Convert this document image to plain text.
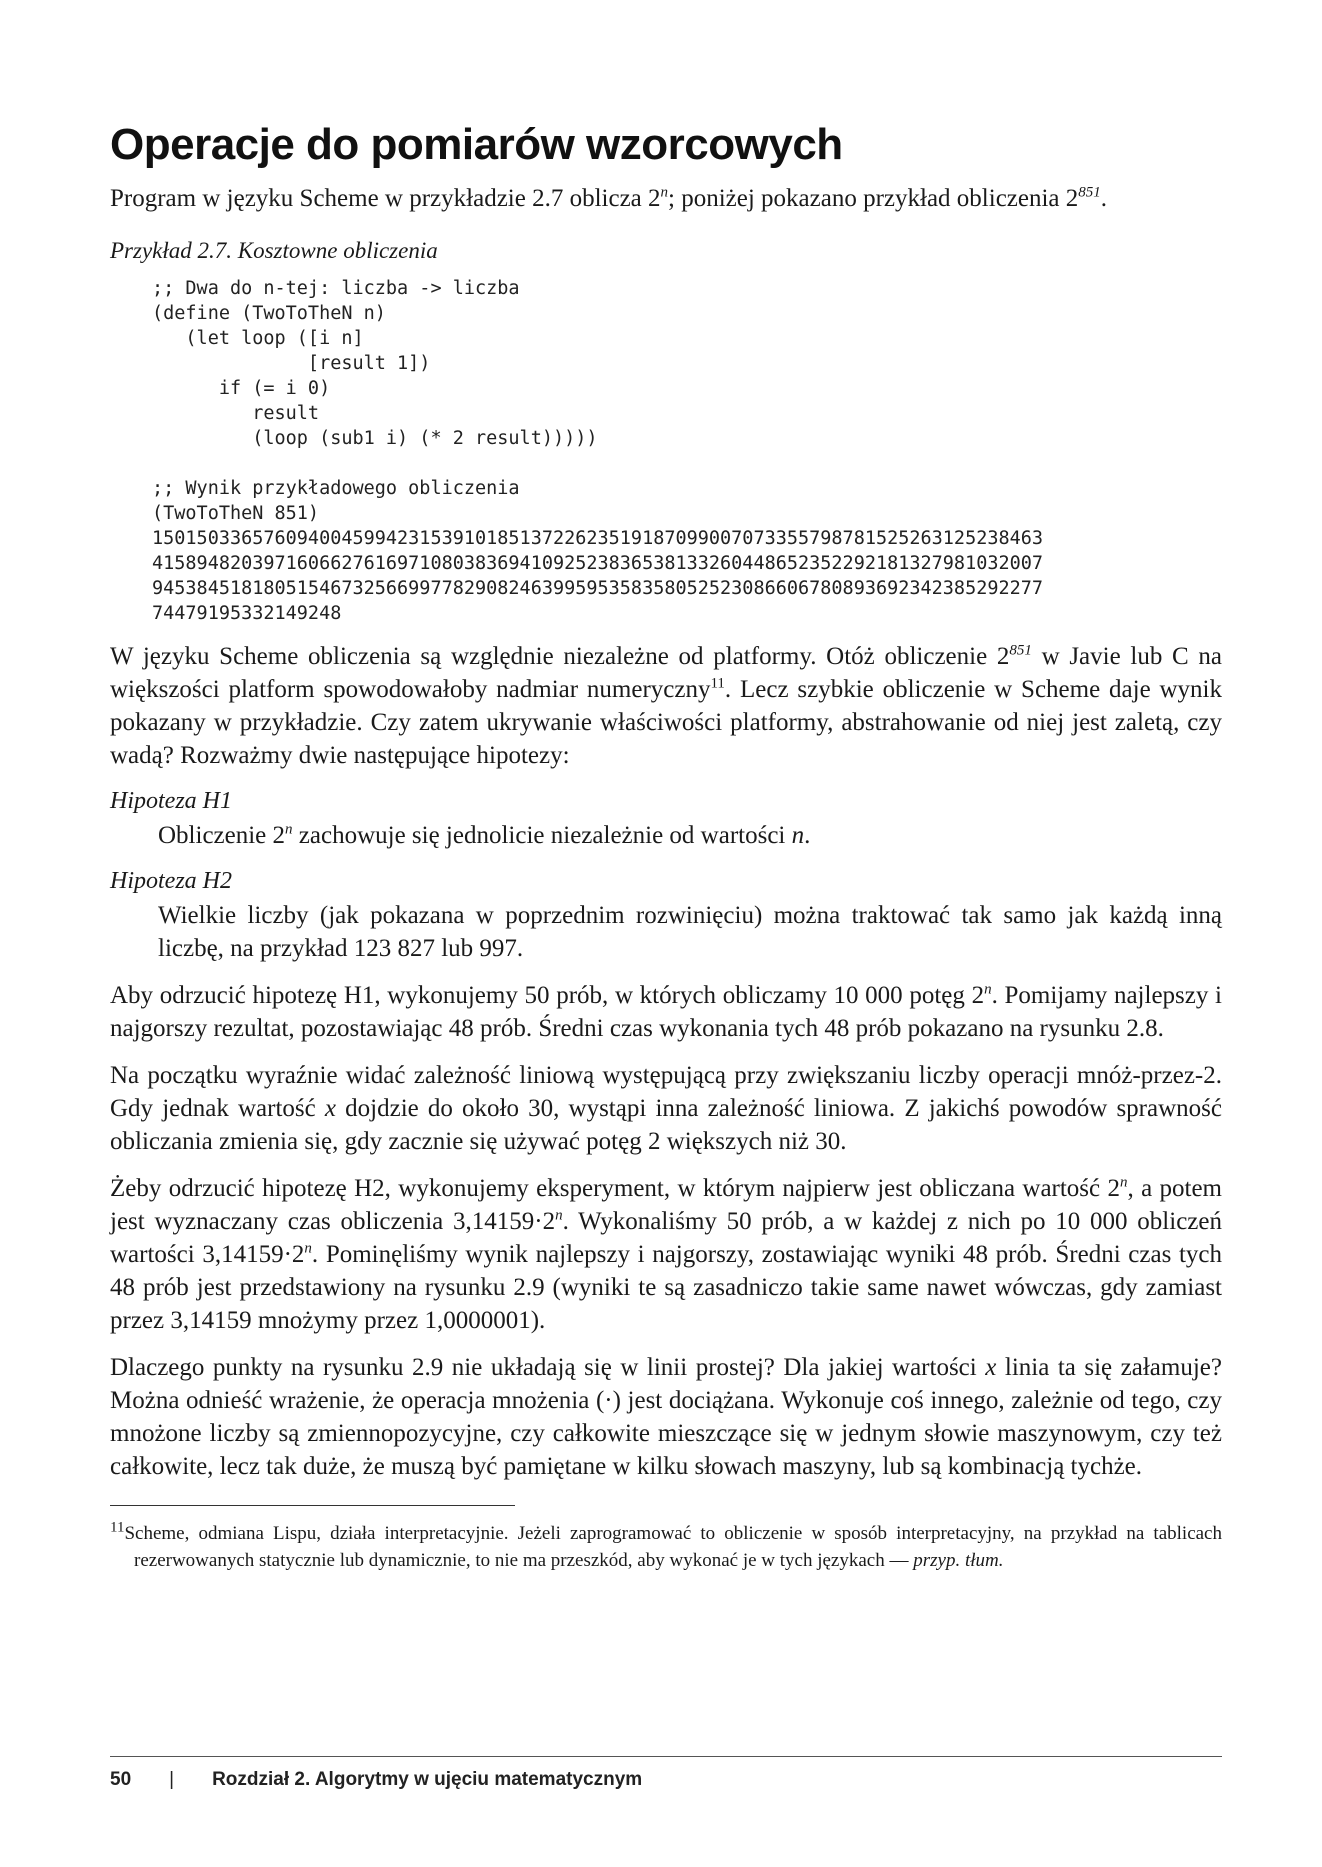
Operacje do pomiarów wzorcowych

Program w języku Scheme w przykładzie 2.7 oblicza 2$^n$; poniżej pokazano przykład obliczenia $2^{851}$.

Przykład 2.7. Kosztowne obliczenia

;; Dwa do n-tej: liczba -> liczba
(define (TwoToTheN n)
(let loop ([i n]
[result 1])
if (= i 0)
result
(loop (sub1 i) (* 2 result)))))
;; Wynik przykładowego obliczenia
(TwoToTheN 851)
15015033657609400459942315391018513722623519187099007073355798781525263125238463
41589482039716066276169710803836941092523836538133260448652352292181327981032007
94538451818051546732566997782908246399595358358052523086606780893692342385292277
74479195332149248

W języku Scheme obliczenia są względnie niezależne od platformy. Otóż obliczenie $2^{851}$ w Javie lub C na większości platform spowodowałoby nadmiar numeryczny$^{11}$. Lecz szybkie obliczenie w Scheme daje wynik pokazany w przykładzie. Czy zatem ukrywanie właściwości platformy, abstrahowanie od niej jest zaletą, czy wadą? Rozważmy dwie następujące hipotezy:

Hipoteza H1

Obliczenie 2$^n$ zachowuje się jednolicie niezależnie od wartości n.

Hipoteza H2

Wielkie liczby (jak pokazana w poprzednim rozwinięciu) można traktować tak samo jak każdą inną liczbę, na przykład 123 827 lub 997.

Aby odrzucić hipotezę H1, wykonujemy 50 prób, w których obliczamy 10 000 potęg 2$^n$. Pomijamy najlepszy i najgorszy rezultat, pozostawiając 48 prób. Średni czas wykonania tych 48 prób pokazano na rysunku 2.8.

Na początku wyraźnie widać zależność liniową występującą przy zwiększaniu liczby operacji mnóż-przez-2. Gdy jednak wartość x dojdzie do około 30, wystąpi inna zależność liniowa. Z jakichś powodów sprawność obliczania zmienia się, gdy zacznie się używać potęg 2 większych niż 30.

Żeby odrzucić hipotezę H2, wykonujemy eksperyment, w którym najpierw jest obliczana wartość 2$^n$, a potem jest wyznaczany czas obliczenia $3,14159\cdot 2^n$. Wykonaliśmy 50 prób, a w każdej z nich po 10 000 obliczeń wartości $3,14159\cdot 2^n$. Pominęliśmy wynik najlepszy i najgorszy, zostawiając wyniki 48 prób. Średni czas tych 48 prób jest przedstawiony na rysunku 2.9 (wyniki te są zasadniczo takie same nawet wówczas, gdy zamiast przez 3,14159 mnożymy przez 1,0000001).

Dlaczego punkty na rysunku 2.9 nie układają się w linii prostej? Dla jakiej wartości x linia ta się załamuje? Można odnieść wrażenie, że operacja mnożenia (·) jest dociążana. Wykonuje coś innego, zależnie od tego, czy mnożone liczby są zmiennopozycyjne, czy całkowite mieszczące się w jednym słowie maszynowym, czy też całkowite, lecz tak duże, że muszą być pamiętane w kilku słowach maszyny, lub są kombinacją tychże.

$^{11}$Scheme, odmiana Lispu, działa interpretacyjnie. Jeżeli zaprogramować to obliczenie w sposób interpretacyjny, na przykład na tablicach rezerwowanych statycznie lub dynamicznie, to nie ma przeszkód, aby wykonać je w tych językach — przyp. tłum.

50 | Rozdział 2. Algorytmy w ujęciu matematycznym
